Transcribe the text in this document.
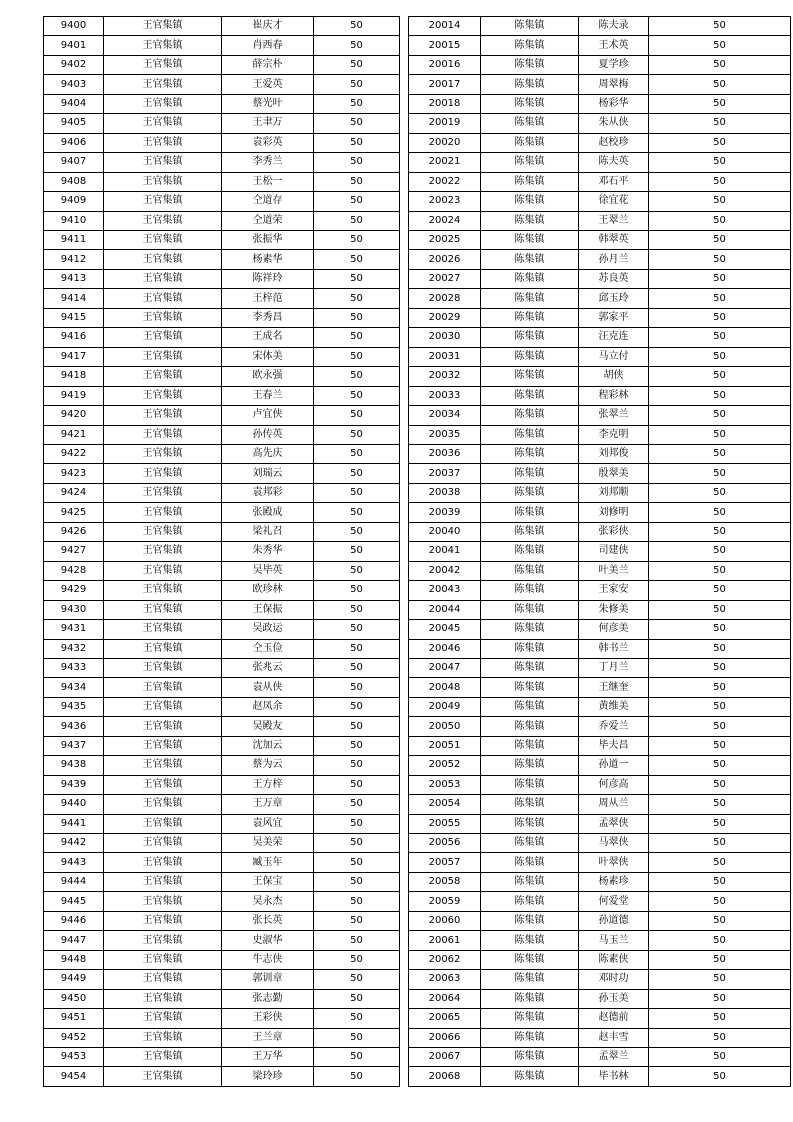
9400	王官集镇	崔庆才	50
9401	王官集镇	肖西春	50
9402	王官集镇	薛宗朴	50
9403	王官集镇	王爱英	50
9404	王官集镇	蔡光叶	50
9405	王官集镇	王聿万	50
9406	王官集镇	袁彩英	50
9407	王官集镇	李秀兰	50
9408	王官集镇	王松一	50
9409	王官集镇	仝道存	50
9410	王官集镇	仝道荣	50
9411	王官集镇	张振华	50
9412	王官集镇	杨素华	50
9413	王官集镇	陈祥玲	50
9414	王官集镇	王梓范	50
9415	王官集镇	李秀昌	50
9416	王官集镇	王成名	50
9417	王官集镇	宋体美	50
9418	王官集镇	欧永强	50
9419	王官集镇	王春兰	50
9420	王官集镇	卢宜侠	50
9421	王官集镇	孙传英	50
9422	王官集镇	高先庆	50
9423	王官集镇	刘瑞云	50
9424	王官集镇	袁邦彩	50
9425	王官集镇	张殿成	50
9426	王官集镇	梁礼召	50
9427	王官集镇	朱秀华	50
9428	王官集镇	吴毕英	50
9429	王官集镇	欧珍林	50
9430	王官集镇	王保振	50
9431	王官集镇	吴政运	50
9432	王官集镇	仝玉俭	50
9433	王官集镇	张兆云	50
9434	王官集镇	袁从侠	50
9435	王官集镇	赵凤余	50
9436	王官集镇	吴殿友	50
9437	王官集镇	沈加云	50
9438	王官集镇	蔡为云	50
9439	王官集镇	王方梓	50
9440	王官集镇	王万章	50
9441	王官集镇	袁风宜	50
9442	王官集镇	吴美荣	50
9443	王官集镇	臧玉年	50
9444	王官集镇	王保宝	50
9445	王官集镇	吴永杰	50
9446	王官集镇	张长英	50
9447	王官集镇	史淑华	50
9448	王官集镇	牛志侠	50
9449	王官集镇	郭训章	50
9450	王官集镇	张志勤	50
9451	王官集镇	王彩侠	50
9452	王官集镇	王兰章	50
9453	王官集镇	王万华	50
9454	王官集镇	梁玲珍	50
20014	陈集镇	陈夫录	50
20015	陈集镇	王术英	50
20016	陈集镇	夏学珍	50
20017	陈集镇	周翠梅	50
20018	陈集镇	杨彩华	50
20019	陈集镇	朱从侠	50
20020	陈集镇	赵校珍	50
20021	陈集镇	陈夫英	50
20022	陈集镇	邓石平	50
20023	陈集镇	徐宜花	50
20024	陈集镇	王翠兰	50
20025	陈集镇	韩翠英	50
20026	陈集镇	孙月兰	50
20027	陈集镇	苏良英	50
20028	陈集镇	邱玉玲	50
20029	陈集镇	郭家平	50
20030	陈集镇	汪克连	50
20031	陈集镇	马立付	50
20032	陈集镇	胡侠	50
20033	陈集镇	程彩林	50
20034	陈集镇	张翠兰	50
20035	陈集镇	李克明	50
20036	陈集镇	刘邦俊	50
20037	陈集镇	殷翠美	50
20038	陈集镇	刘邦顺	50
20039	陈集镇	刘修明	50
20040	陈集镇	张彩侠	50
20041	陈集镇	司建侠	50
20042	陈集镇	叶美兰	50
20043	陈集镇	王家安	50
20044	陈集镇	朱修美	50
20045	陈集镇	何彦美	50
20046	陈集镇	韩书兰	50
20047	陈集镇	丁月兰	50
20048	陈集镇	王继奎	50
20049	陈集镇	黄维美	50
20050	陈集镇	乔爱兰	50
20051	陈集镇	毕夫昌	50
20052	陈集镇	孙道一	50
20053	陈集镇	何彦高	50
20054	陈集镇	周从兰	50
20055	陈集镇	孟翠侠	50
20056	陈集镇	马翠侠	50
20057	陈集镇	叶翠侠	50
20058	陈集镇	杨素珍	50
20059	陈集镇	何爱堂	50
20060	陈集镇	孙道德	50
20061	陈集镇	马玉兰	50
20062	陈集镇	陈素侠	50
20063	陈集镇	邓时功	50
20064	陈集镇	孙玉美	50
20065	陈集镇	赵德前	50
20066	陈集镇	赵丰雪	50
20067	陈集镇	孟翠兰	50
20068	陈集镇	毕书林	50
